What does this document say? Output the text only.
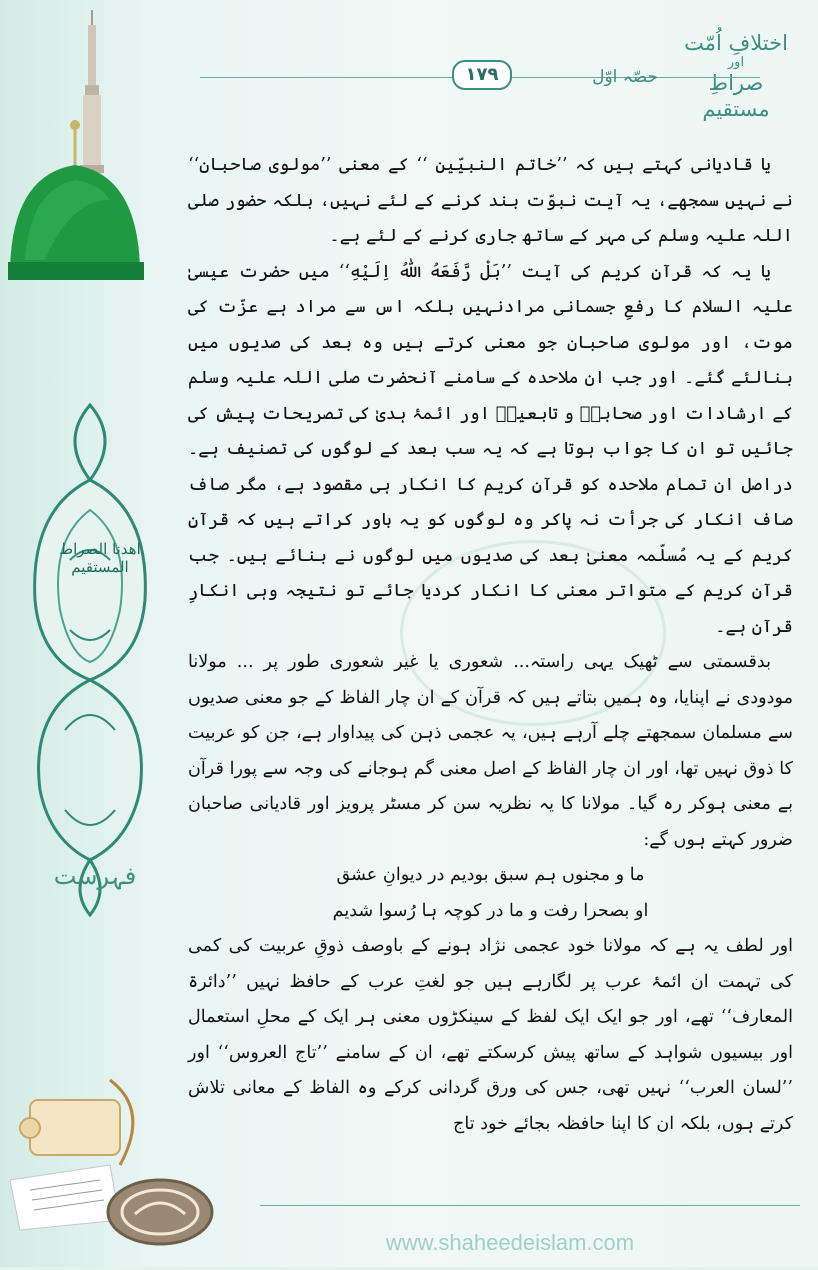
اھدنا الصراط المستقیم
فہرست
اختلافِ اُمّت
اور
صراطِ مستقیم
حصّہ اوّل
۱۷۹

یا قادیانی کہتے ہیں کہ ’’خاتم النبیّین ‘‘ کے معنی ’’مولوی صاحبان‘‘ نے نہیں سمجھے، یہ آیت نبوّت بند کرنے کے لئے نہیں، بلکہ حضور صلی اللہ علیہ وسلم کی مہر کے ساتھ جاری کرنے کے لئے ہے۔

یا یہ کہ قرآنِ کریم کی آیت ’’بَلْ رَّفَعَهُ اللّٰهُ اِلَیْهِ‘‘ میں حضرت عیسیٰ علیہ السلام کا رفعِ جسمانی مرادنہیں بلکہ اس سے مراد ہے عزّت کی موت، اور مولوی صاحبان جو معنی کرتے ہیں وہ بعد کی صدیوں میں بنالئے گئے۔ اور جب ان ملاحدہ کے سامنے آنحضرت صلی اللہ علیہ وسلم کے ارشادات اور صحابہؓ و تابعینؒ اور ائمۂ ہدیٰ کی تصریحات پیش کی جائیں تو ان کا جواب ہوتا ہے کہ یہ سب بعد کے لوگوں کی تصنیف ہے۔ دراصل ان تمام ملاحدہ کو قرآنِ کریم کا انکار ہی مقصود ہے، مگر صاف صاف انکار کی جرأت نہ پاکر وہ لوگوں کو یہ باور کراتے ہیں کہ قرآنِ کریم کے یہ مُسلّمہ معنیٰ بعد کی صدیوں میں لوگوں نے بنائے ہیں۔ جب قرآنِ کریم کے متواتر معنی کا انکار کردیا جائے تو نتیجہ وہی انکارِ قرآن ہے۔

بدقسمتی سے ٹھیک یہی راستہ... شعوری یا غیر شعوری طور پر ... مولانا مودودی نے اپنایا، وہ ہمیں بتاتے ہیں کہ قرآن کے ان چار الفاظ کے جو معنی صدیوں سے مسلمان سمجھتے چلے آرہے ہیں، یہ عجمی ذہن کی پیداوار ہے، جن کو عربیت کا ذوق نہیں تھا، اور ان چار الفاظ کے اصل معنی گم ہوجانے کی وجہ سے پورا قرآن بے معنی ہوکر رہ گیا۔ مولانا کا یہ نظریہ سن کر مسٹر پرویز اور قادیانی صاحبان ضرور کہتے ہوں گے:

ما و مجنوں ہم سبق بودیم در دیوانِ عشق

او بصحرا رفت و ما در کوچہ ہا رُسوا شدیم

اور لطف یہ ہے کہ مولانا خود عجمی نژاد ہونے کے باوصف ذوقِ عربیت کی کمی کی تہمت ان ائمۂ عرب پر لگارہے ہیں جو لغتِ عرب کے حافظ نہیں ’’دائرۃ المعارف‘‘ تھے، اور جو ایک ایک لفظ کے سینکڑوں معنی ہر ایک کے محلِ استعمال اور بیسیوں شواہد کے ساتھ پیش کرسکتے تھے، ان کے سامنے ’’تاج العروس‘‘ اور ’’لسان العرب‘‘ نہیں تھی، جس کی ورق گردانی کرکے وہ الفاظ کے معانی تلاش کرتے ہوں، بلکہ ان کا اپنا حافظہ بجائے خود تاج

www.shaheedeislam.com
